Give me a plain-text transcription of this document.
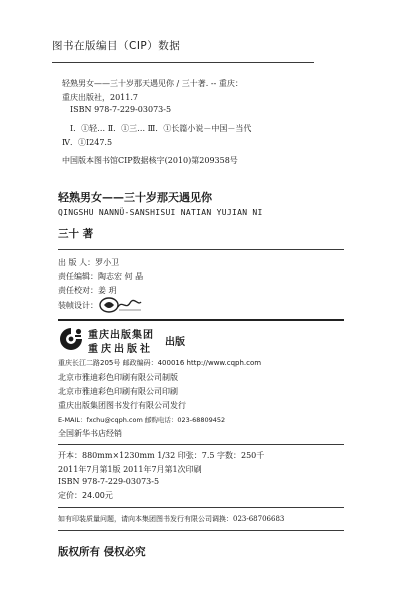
图书在版编目（CIP）数据
轻熟男女——三十岁那天遇见你 / 三十著. -- 重庆：
重庆出版社，2011.7
ISBN 978-7-229-03073-5
Ⅰ．①轻… Ⅱ．①三… Ⅲ．①长篇小说－中国－当代
Ⅳ．①I247.5
中国版本图书馆CIP数据核字(2010)第209358号
轻熟男女——三十岁那天遇见你
QINGSHU NANNÜ-SANSHISUI NATIAN YUJIAN NI
三十 著
出 版 人：罗小卫
责任编辑：陶志宏 何 晶
责任校对：姜 玥
装帧设计：
重庆出版集团
重庆出版社
出版
重庆长江二路205号 邮政编码：400016 http://www.cqph.com
北京市雅迪彩色印刷有限公司制版
北京市雅迪彩色印刷有限公司印刷
重庆出版集团图书发行有限公司发行
E-MAIL：fxchu@cqph.com 邮购电话：023-68809452
全国新华书店经销
开本：880mm×1230mm 1/32 印张：7.5 字数：250千
2011年7月第1版 2011年7月第1次印刷
ISBN 978-7-229-03073-5
定价：24.00元
如有印装质量问题，请向本集团图书发行有限公司调换：023-68706683
版权所有 侵权必究
